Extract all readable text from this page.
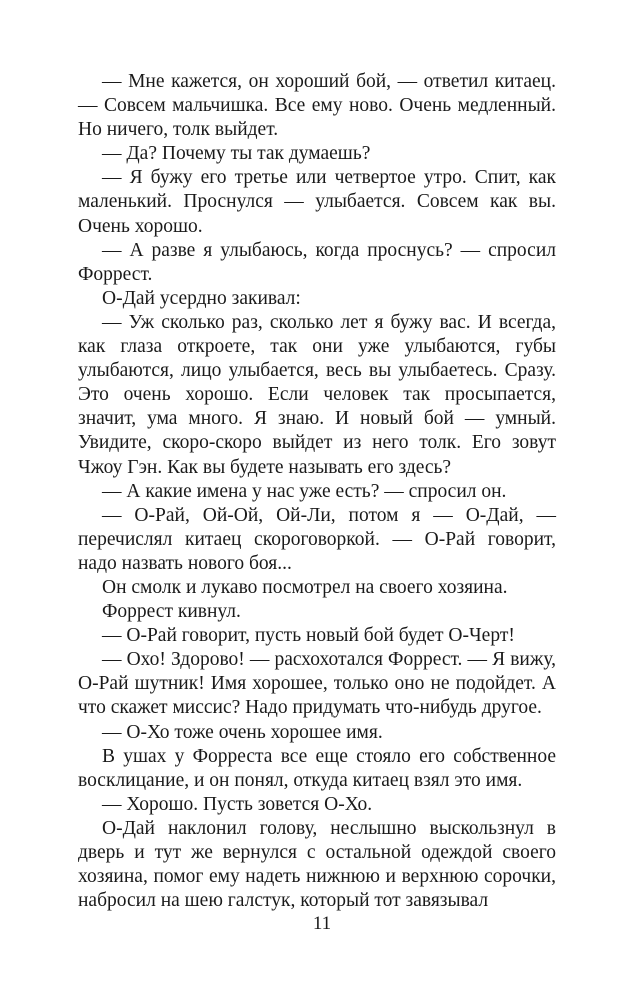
— Мне кажется, он хороший бой, — ответил китаец. — Совсем мальчишка. Все ему ново. Очень медленный. Но ничего, толк выйдет.

— Да? Почему ты так думаешь?

— Я бужу его третье или четвертое утро. Спит, как маленький. Проснулся — улыбается. Совсем как вы. Очень хорошо.

— А разве я улыбаюсь, когда проснусь? — спросил Форрест.

О-Дай усердно закивал:

— Уж сколько раз, сколько лет я бужу вас. И всегда, как глаза откроете, так они уже улыбаются, губы улыбаются, лицо улыбается, весь вы улыбаетесь. Сразу. Это очень хорошо. Если человек так просыпается, значит, ума много. Я знаю. И новый бой — умный. Увидите, скоро-скоро выйдет из него толк. Его зовут Чжоу Гэн. Как вы будете называть его здесь?

— А какие имена у нас уже есть? — спросил он.

— О-Рай, Ой-Ой, Ой-Ли, потом я — О-Дай, — перечислял китаец скороговоркой. — О-Рай говорит, надо назвать нового боя...

Он смолк и лукаво посмотрел на своего хозяина.

Форрест кивнул.

— О-Рай говорит, пусть новый бой будет О-Черт!

— Охо! Здорово! — расхохотался Форрест. — Я вижу, О-Рай шутник! Имя хорошее, только оно не подойдет. А что скажет миссис? Надо придумать что-нибудь другое.

— О-Хо тоже очень хорошее имя.

В ушах у Форреста все еще стояло его собственное восклицание, и он понял, откуда китаец взял это имя.

— Хорошо. Пусть зовется О-Хо.

О-Дай наклонил голову, неслышно выскользнул в дверь и тут же вернулся с остальной одеждой своего хозяина, помог ему надеть нижнюю и верхнюю сорочки, набросил на шею галстук, который тот завязывал

11
